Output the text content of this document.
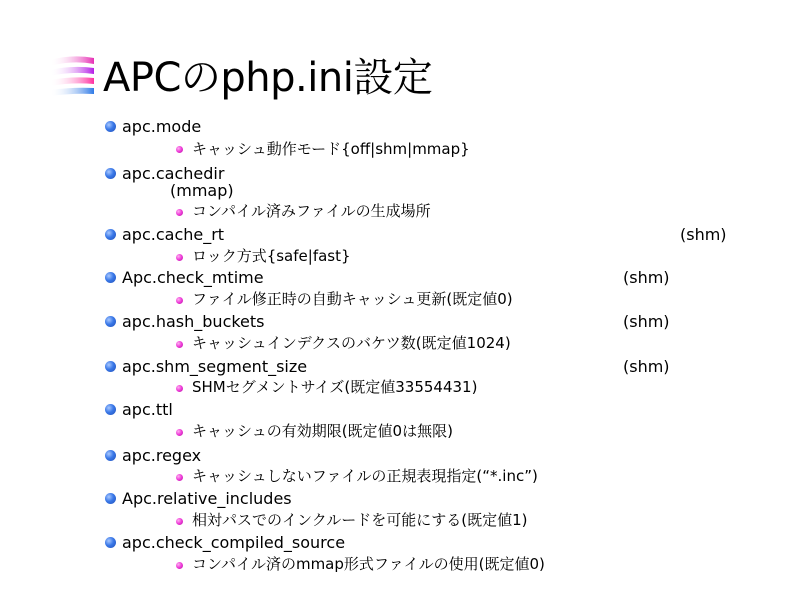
APCのphp.ini設定
apc.mode
キャッシュ動作モード{off|shm|mmap}
apc.cachedir
(mmap)
コンパイル済みファイルの生成場所
apc.cache_rt	(shm)
ロック方式{safe|fast}
Apc.check_mtime	(shm)
ファイル修正時の自動キャッシュ更新(既定値0)
apc.hash_buckets	(shm)
キャッシュインデクスのバケツ数(既定値1024)
apc.shm_segment_size	(shm)
SHMセグメントサイズ(既定値33554431)
apc.ttl
キャッシュの有効期限(既定値0は無限)
apc.regex
キャッシュしないファイルの正規表現指定(“*.inc”)
Apc.relative_includes
相対パスでのインクルードを可能にする(既定値1)
apc.check_compiled_source
コンパイル済のmmap形式ファイルの使用(既定値0)
